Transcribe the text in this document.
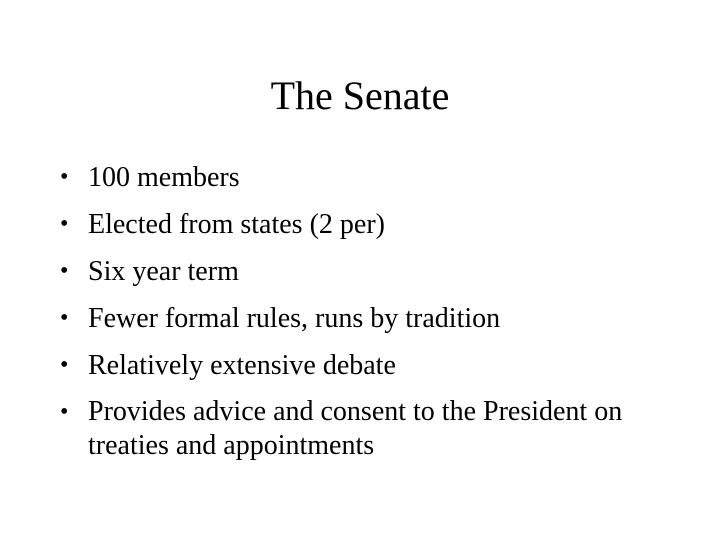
The Senate
• 100 members
• Elected from states (2 per)
• Six year term
• Fewer formal rules, runs by tradition
• Relatively extensive debate
• Provides advice and consent to the President on treaties and appointments
